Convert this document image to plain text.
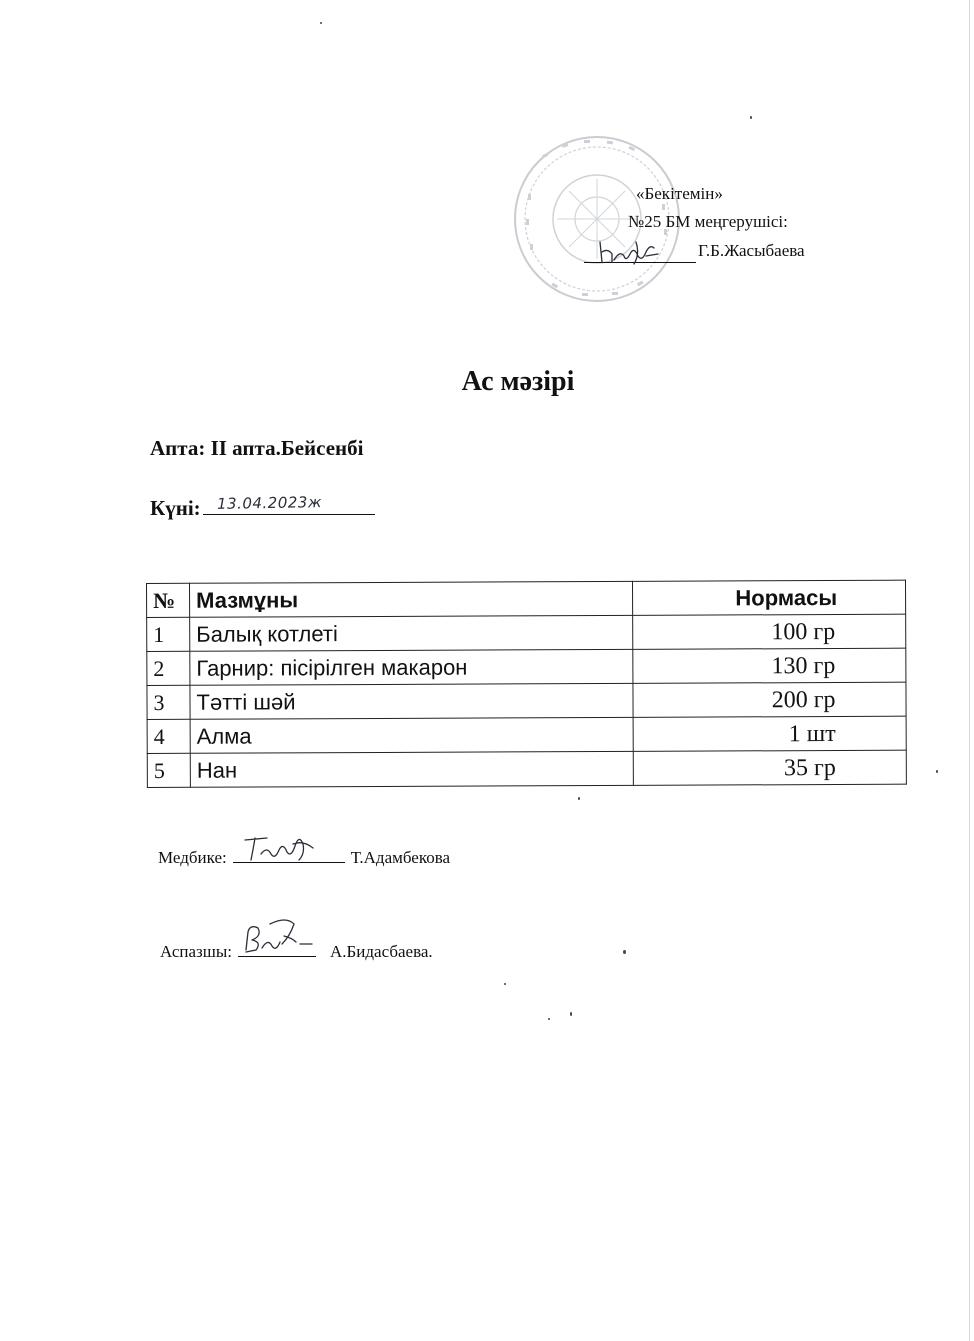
«Бекітемін»
№25 БМ меңгерушісі:
Г.Б.Жасыбаева
Ас мәзірі
Апта: ІІ апта.Бейсенбі
Күні: 13.04.2023ж
№	Мазмұны	Нормасы
1	Балық котлеті	100 гр
2	Гарнир: пісірілген макарон	130 гр
3	Тәтті шәй	200 гр
4	Алма	1 шт
5	Нан	35 гр
Медбике:	Т.Адамбекова
Аспазшы:	А.Бидасбаева.
